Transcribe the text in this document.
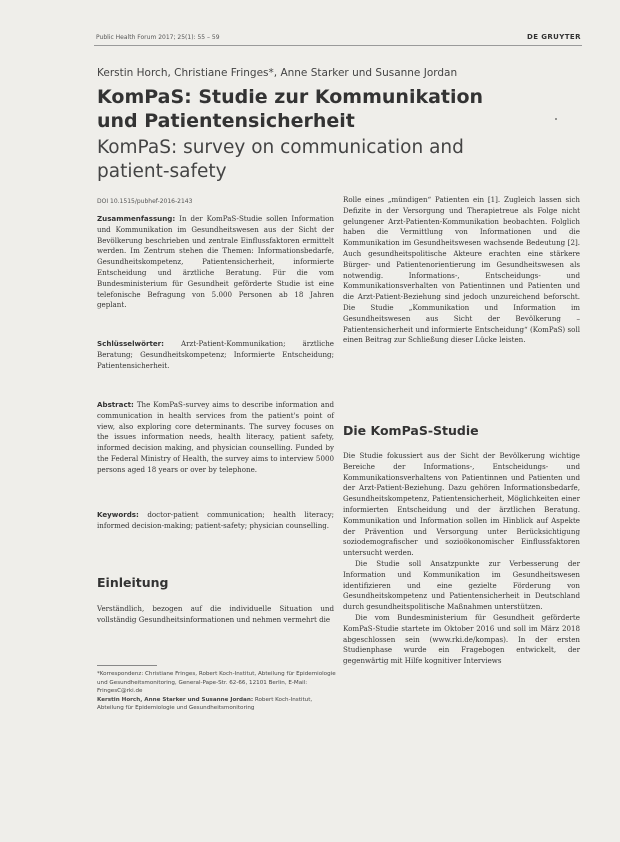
Public Health Forum 2017; 25(1): 55 – 59	DE GRUYTER
Kerstin Horch, Christiane Fringes*, Anne Starker und Susanne Jordan
KomPaS: Studie zur Kommunikation und Patientensicherheit
KomPaS: survey on communication and patient-safety
DOI 10.1515/pubhef-2016-2143

Zusammenfassung: In der KomPaS-Studie sollen Information und Kommunikation im Gesundheitswesen aus der Sicht der Bevölkerung beschrieben und zentrale Einflussfaktoren ermittelt werden. Im Zentrum stehen die Themen: Informationsbedarfe, Gesundheitskompetenz, Patientensicherheit, informierte Entscheidung und ärztliche Beratung. Für die vom Bundesministerium für Gesundheit geförderte Studie ist eine telefonische Befragung von 5.000 Personen ab 18 Jahren geplant.

Schlüsselwörter: Arzt-Patient-Kommunikation; ärztliche Beratung; Gesundheitskompetenz; Informierte Entscheidung; Patientensicherheit.

Abstract: The KomPaS-survey aims to describe information and communication in health services from the patient's point of view, also exploring core determinants. The survey focuses on the issues information needs, health literacy, patient safety, informed decision making, and physician counselling. Funded by the Federal Ministry of Health, the survey aims to interview 5000 persons aged 18 years or over by telephone.

Keywords: doctor-patient communication; health literacy; informed decision-making; patient-safety; physician counselling.

Einleitung
Verständlich, bezogen auf die individuelle Situation und vollständig Gesundheitsinformationen und nehmen vermehrt die
*Korrespondenz: Christiane Fringes, Robert Koch-Institut, Abteilung für Epidemiologie und Gesundheitsmonitoring, General-Pape-Str. 62-66, 12101 Berlin, E-Mail: FringesC@rki.de
Kerstin Horch, Anne Starker und Susanne Jordan: Robert Koch-Institut, Abteilung für Epidemiologie und Gesundheitsmonitoring
Rolle eines „mündigen“ Patienten ein [1]. Zugleich lassen sich Defizite in der Versorgung und Therapietreue als Folge nicht gelungener Arzt-Patienten-Kommunikation beobachten. Folglich haben die Vermittlung von Informationen und die Kommunikation im Gesundheitswesen wachsende Bedeutung [2]. Auch gesundheitspolitische Akteure erachten eine stärkere Bürger- und Patientenorientierung im Gesundheitswesen als notwendig. Informations-, Entscheidungs- und Kommunikationsverhalten von Patientinnen und Patienten und die Arzt-Patient-Beziehung sind jedoch unzureichend beforscht. Die Studie „Kommunikation und Information im Gesundheitswesen aus Sicht der Bevölkerung – Patientensicherheit und informierte Entscheidung“ (KomPaS) soll einen Beitrag zur Schließung dieser Lücke leisten.
Die KomPaS-Studie

Die Studie fokussiert aus der Sicht der Bevölkerung wichtige Bereiche der Informations-, Entscheidungs- und Kommunikationsverhaltens von Patientinnen und Patienten und der Arzt-Patient-Beziehung. Dazu gehören Informationsbedarfe, Gesundheitskompetenz, Patientensicherheit, Möglichkeiten einer informierten Entscheidung und der ärztlichen Beratung. Kommunikation und Information sollen im Hinblick auf Aspekte der Prävention und Versorgung unter Berücksichtigung soziodemografischer und sozioökonomischer Einflussfaktoren untersucht werden.

Die Studie soll Ansatzpunkte zur Verbesserung der Information und Kommunikation im Gesundheitswesen identifizieren und eine gezielte Förderung von Gesundheitskompetenz und Patientensicherheit in Deutschland durch gesundheitspolitische Maßnahmen unterstützen.

Die vom Bundesministerium für Gesundheit geförderte KomPaS-Studie startete im Oktober 2016 und soll im März 2018 abgeschlossen sein (www.rki.de/kompas). In der ersten Studienphase wurde ein Fragebogen entwickelt, der gegenwärtig mit Hilfe kognitiver Interviews
